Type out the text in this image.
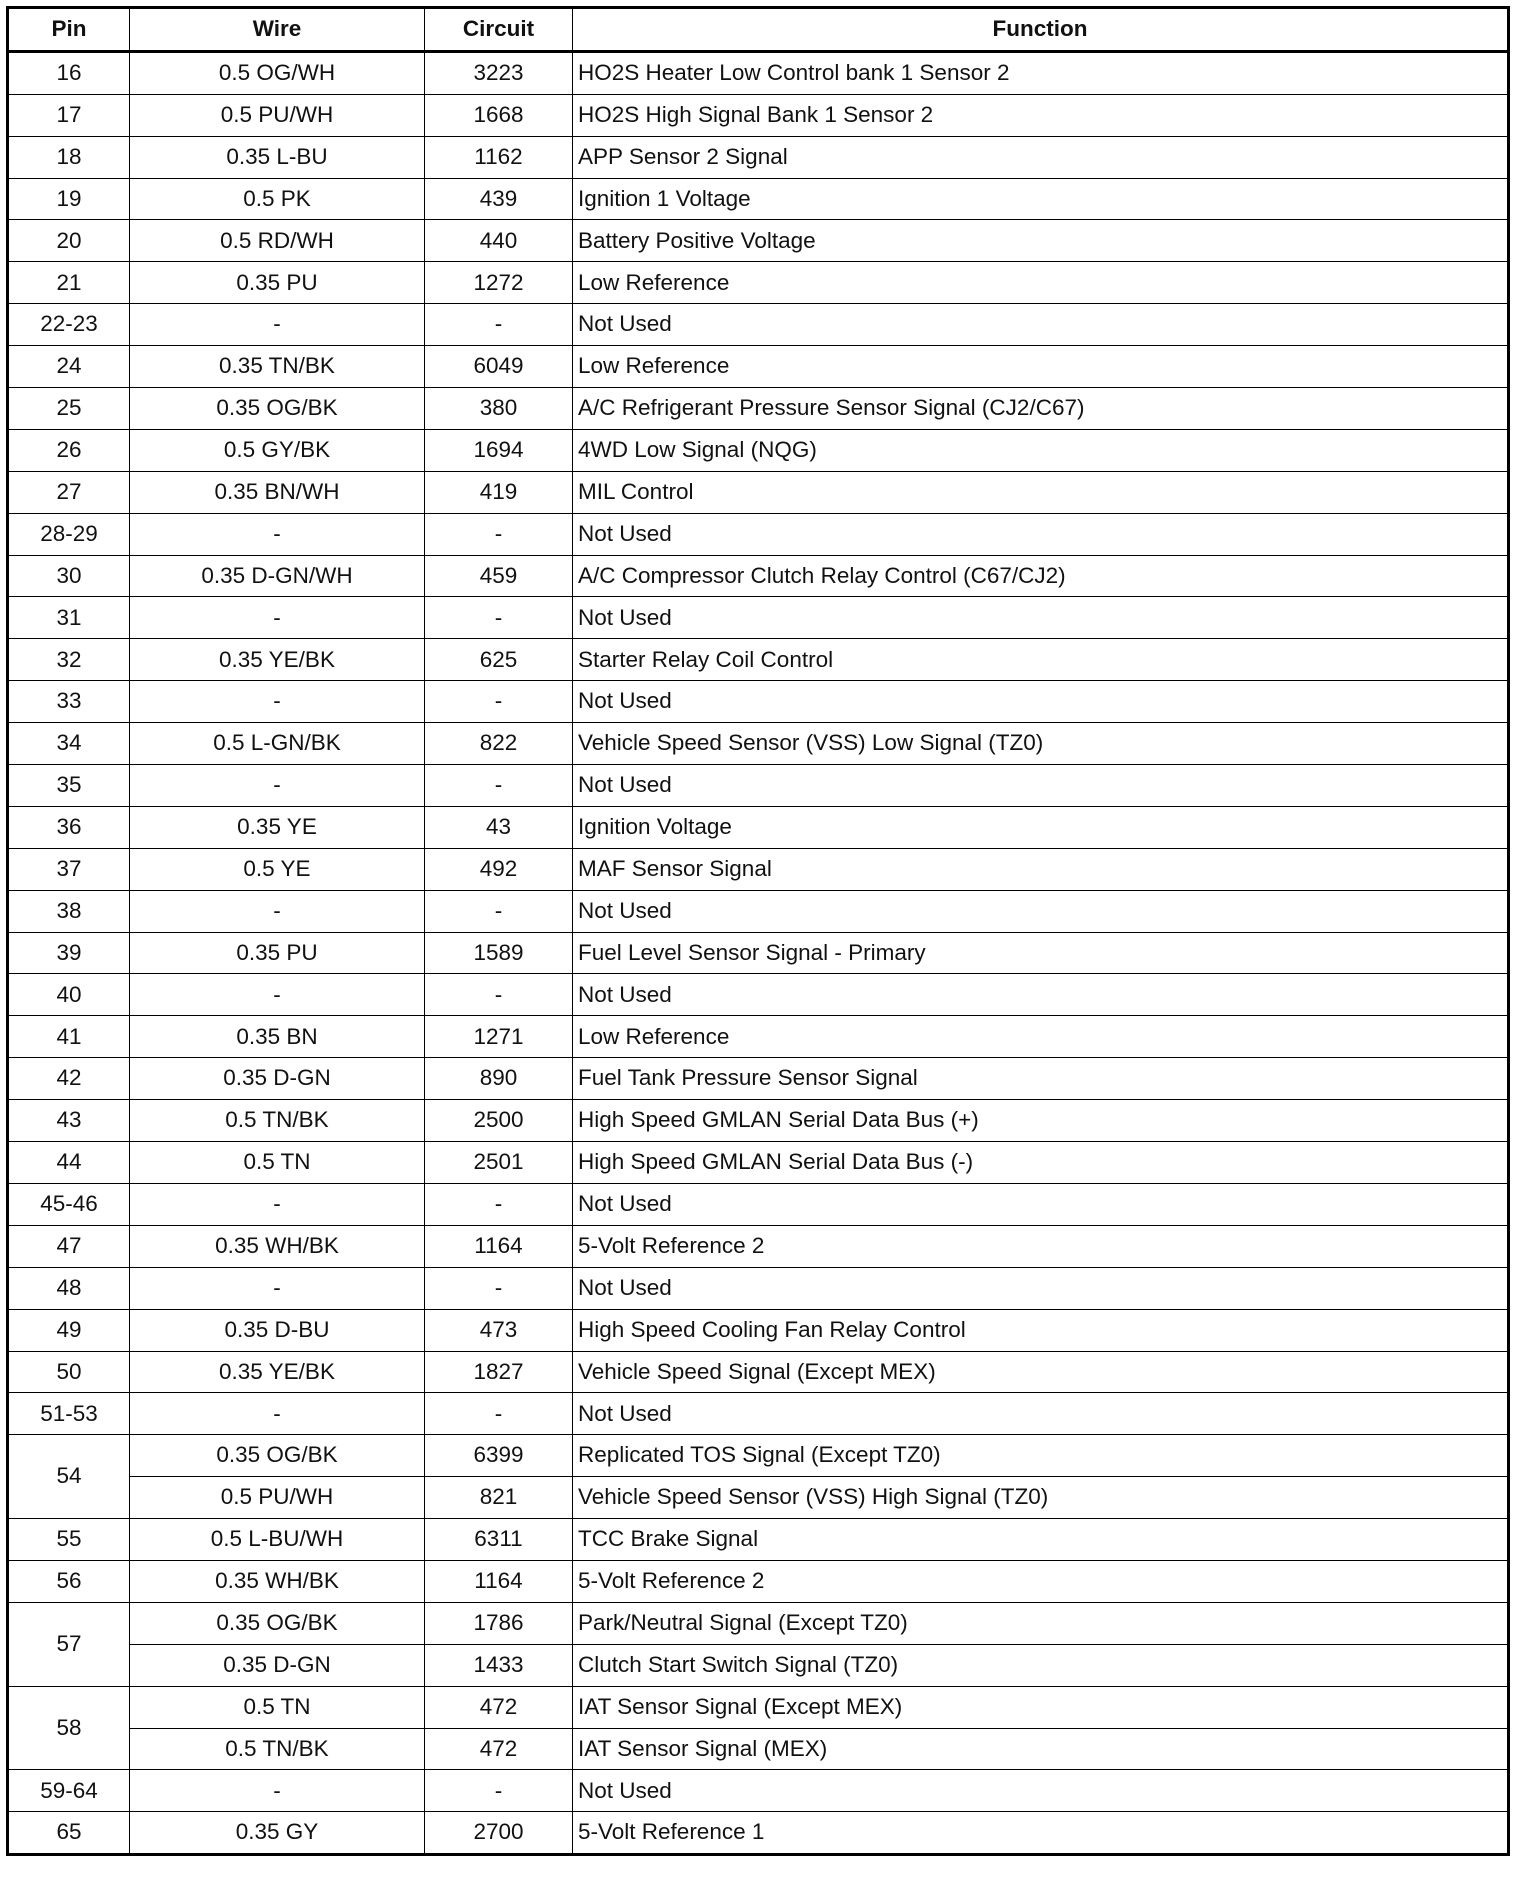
Pin	Wire	Circuit	Function
16	0.5 OG/WH	3223	HO2S Heater Low Control bank 1 Sensor 2
17	0.5 PU/WH	1668	HO2S High Signal Bank 1 Sensor 2
18	0.35 L-BU	1162	APP Sensor 2 Signal
19	0.5 PK	439	Ignition 1 Voltage
20	0.5 RD/WH	440	Battery Positive Voltage
21	0.35 PU	1272	Low Reference
22-23	-	-	Not Used
24	0.35 TN/BK	6049	Low Reference
25	0.35 OG/BK	380	A/C Refrigerant Pressure Sensor Signal (CJ2/C67)
26	0.5 GY/BK	1694	4WD Low Signal (NQG)
27	0.35 BN/WH	419	MIL Control
28-29	-	-	Not Used
30	0.35 D-GN/WH	459	A/C Compressor Clutch Relay Control (C67/CJ2)
31	-	-	Not Used
32	0.35 YE/BK	625	Starter Relay Coil Control
33	-	-	Not Used
34	0.5 L-GN/BK	822	Vehicle Speed Sensor (VSS) Low Signal (TZ0)
35	-	-	Not Used
36	0.35 YE	43	Ignition Voltage
37	0.5 YE	492	MAF Sensor Signal
38	-	-	Not Used
39	0.35 PU	1589	Fuel Level Sensor Signal - Primary
40	-	-	Not Used
41	0.35 BN	1271	Low Reference
42	0.35 D-GN	890	Fuel Tank Pressure Sensor Signal
43	0.5 TN/BK	2500	High Speed GMLAN Serial Data Bus (+)
44	0.5 TN	2501	High Speed GMLAN Serial Data Bus (-)
45-46	-	-	Not Used
47	0.35 WH/BK	1164	5-Volt Reference 2
48	-	-	Not Used
49	0.35 D-BU	473	High Speed Cooling Fan Relay Control
50	0.35 YE/BK	1827	Vehicle Speed Signal (Except MEX)
51-53	-	-	Not Used
54	0.35 OG/BK	6399	Replicated TOS Signal (Except TZ0)
	0.5 PU/WH	821	Vehicle Speed Sensor (VSS) High Signal (TZ0)
55	0.5 L-BU/WH	6311	TCC Brake Signal
56	0.35 WH/BK	1164	5-Volt Reference 2
57	0.35 OG/BK	1786	Park/Neutral Signal (Except TZ0)
	0.35 D-GN	1433	Clutch Start Switch Signal (TZ0)
58	0.5 TN	472	IAT Sensor Signal (Except MEX)
	0.5 TN/BK	472	IAT Sensor Signal (MEX)
59-64	-	-	Not Used
65	0.35 GY	2700	5-Volt Reference 1
